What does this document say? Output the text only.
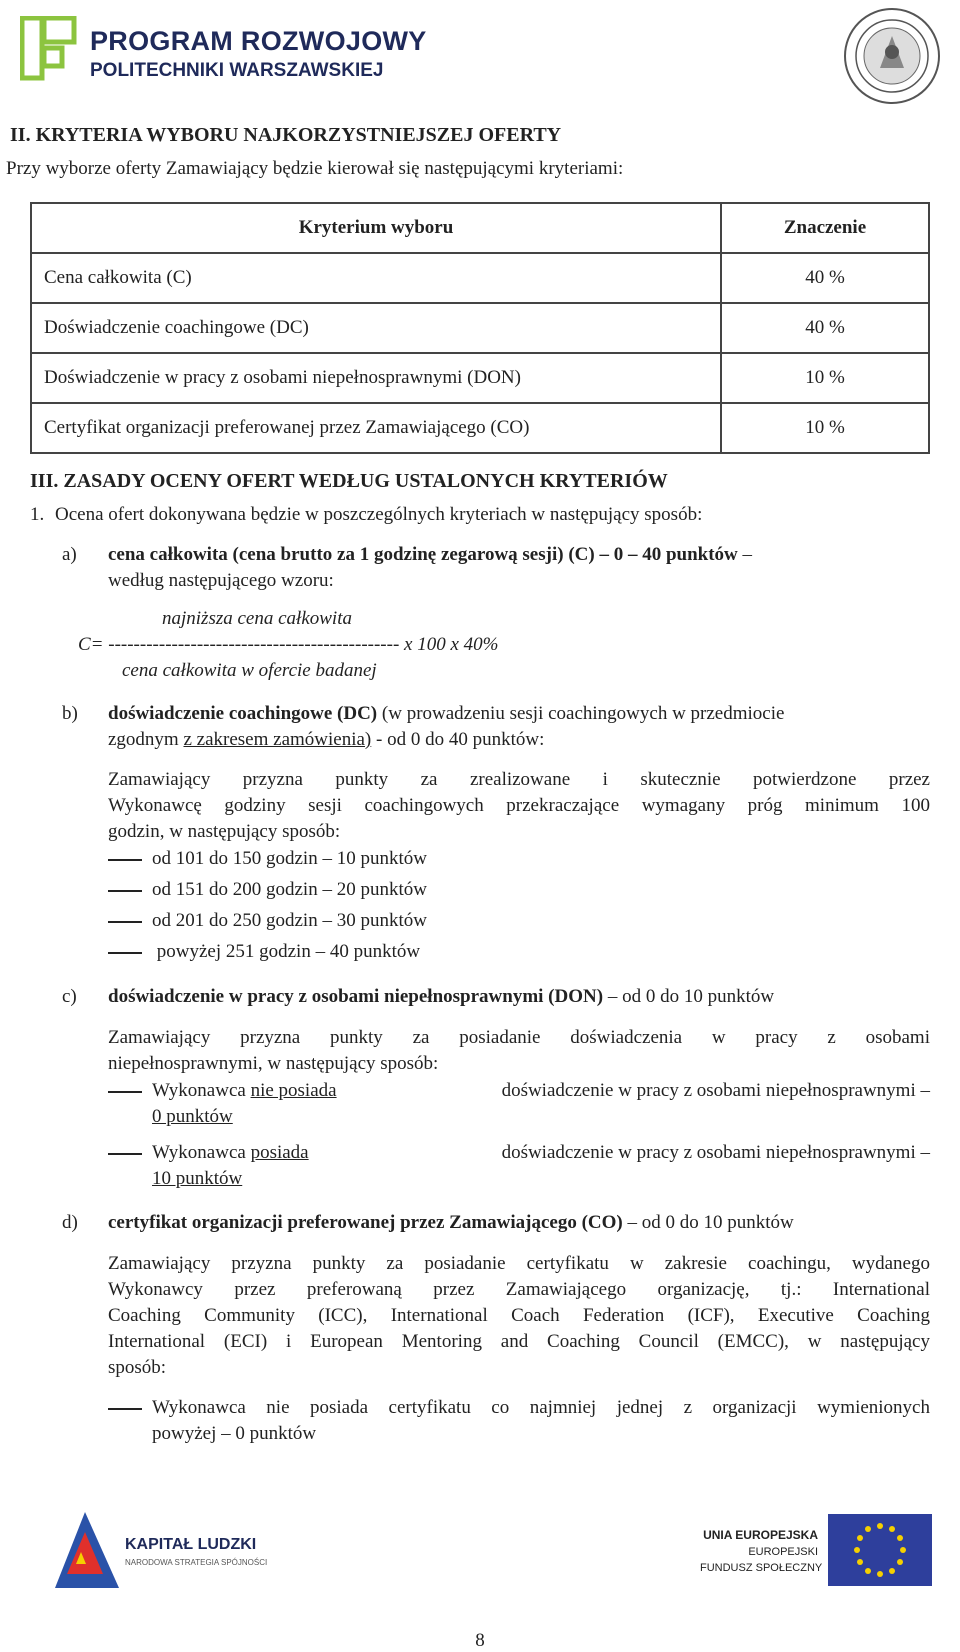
PROGRAM ROZWOJOWY
POLITECHNIKI WARSZAWSKIEJ
II. KRYTERIA WYBORU NAJKORZYSTNIEJSZEJ OFERTY
Przy wyborze oferty Zamawiający będzie kierował się następującymi kryteriami:
Kryterium wyboru	Znaczenie
Cena całkowita (C)	40 %
Doświadczenie coachingowe (DC)	40 %
Doświadczenie w pracy z osobami niepełnosprawnymi (DON)	10 %
Certyfikat organizacji preferowanej przez Zamawiającego (CO)	10 %
III. ZASADY OCENY OFERT WEDŁUG USTALONYCH KRYTERIÓW
1. Ocena ofert dokonywana będzie w poszczególnych kryteriach w następujący sposób:
a) cena całkowita (cena brutto za 1 godzinę zegarową sesji) (C) – 0 – 40 punktów –
według następującego wzoru:
najniższa cena całkowita
C= ---------------------------------------------- x 100 x 40%
cena całkowita w ofercie badanej
b) doświadczenie coachingowe (DC) (w prowadzeniu sesji coachingowych w przedmiocie
zgodnym z zakresem zamówienia) - od 0 do 40 punktów:
Zamawiający przyzna punkty za zrealizowane i skutecznie potwierdzone przez
Wykonawcę godziny sesji coachingowych przekraczające wymagany próg minimum 100
godzin, w następujący sposób:
od 101 do 150 godzin – 10 punktów
od 151 do 200 godzin – 20 punktów
od 201 do 250 godzin – 30 punktów
powyżej 251 godzin – 40 punktów
c) doświadczenie w pracy z osobami niepełnosprawnymi (DON) – od 0 do 10 punktów
Zamawiający przyzna punkty za posiadanie doświadczenia w pracy z osobami
niepełnosprawnymi, w następujący sposób:
Wykonawca nie posiada	doświadczenie w pracy z osobami niepełnosprawnymi –
0 punktów
Wykonawca posiada	doświadczenie w pracy z osobami niepełnosprawnymi –
10 punktów
d) certyfikat organizacji preferowanej przez Zamawiającego (CO) – od 0 do 10 punktów
Zamawiający przyzna punkty za posiadanie certyfikatu w zakresie coachingu, wydanego
Wykonawcy przez preferowaną przez Zamawiającego organizację, tj.: International
Coaching Community (ICC), International Coach Federation (ICF), Executive Coaching
International (ECI) i European Mentoring and Coaching Council (EMCC), w następujący
sposób:
Wykonawca nie posiada certyfikatu co najmniej jednej z organizacji wymienionych
powyżej – 0 punktów
KAPITAŁ LUDZKI
NARODOWA STRATEGIA SPÓJNOŚCI
UNIA EUROPEJSKA
EUROPEJSKI
FUNDUSZ SPOŁECZNY
8
